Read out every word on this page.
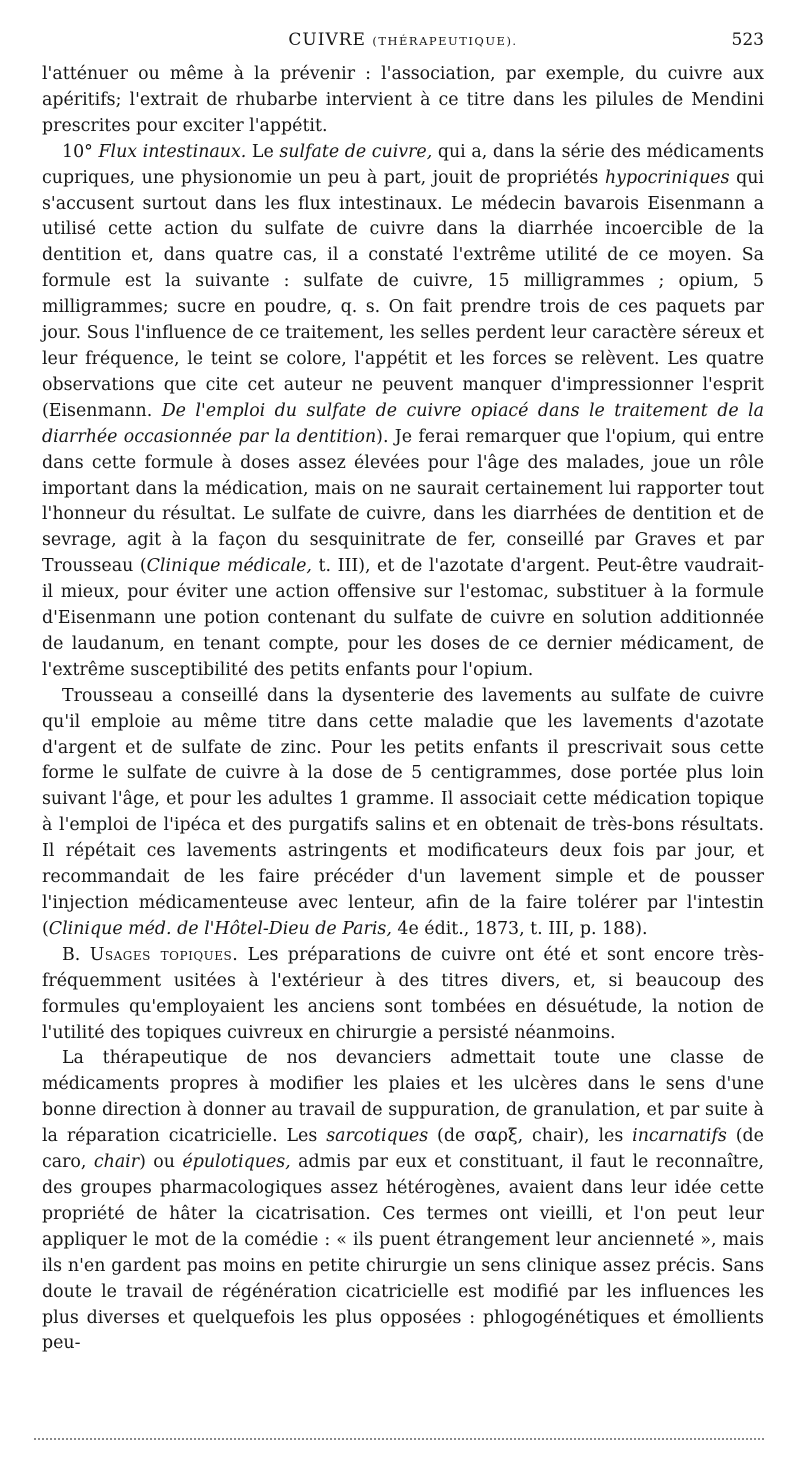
CUIVRE (THÉRAPEUTIQUE).	523

l'atténuer ou même à la prévenir : l'association, par exemple, du cuivre aux apéritifs; l'extrait de rhubarbe intervient à ce titre dans les pilules de Mendini prescrites pour exciter l'appétit.

10° Flux intestinaux. Le sulfate de cuivre, qui a, dans la série des médicaments cupriques, une physionomie un peu à part, jouit de propriétés hypocriniques qui s'accusent surtout dans les flux intestinaux. Le médecin bavarois Eisenmann a utilisé cette action du sulfate de cuivre dans la diarrhée incoercible de la dentition et, dans quatre cas, il a constaté l'extrême utilité de ce moyen. Sa formule est la suivante : sulfate de cuivre, 15 milligrammes ; opium, 5 milligrammes; sucre en poudre, q. s. On fait prendre trois de ces paquets par jour. Sous l'influence de ce traitement, les selles perdent leur caractère séreux et leur fréquence, le teint se colore, l'appétit et les forces se relèvent. Les quatre observations que cite cet auteur ne peuvent manquer d'impressionner l'esprit (Eisenmann. De l'emploi du sulfate de cuivre opiacé dans le traitement de la diarrhée occasionnée par la dentition). Je ferai remarquer que l'opium, qui entre dans cette formule à doses assez élevées pour l'âge des malades, joue un rôle important dans la médication, mais on ne saurait certainement lui rapporter tout l'honneur du résultat. Le sulfate de cuivre, dans les diarrhées de dentition et de sevrage, agit à la façon du sesquinitrate de fer, conseillé par Graves et par Trousseau (Clinique médicale, t. III), et de l'azotate d'argent. Peut-être vaudrait-il mieux, pour éviter une action offensive sur l'estomac, substituer à la formule d'Eisenmann une potion contenant du sulfate de cuivre en solution additionnée de laudanum, en tenant compte, pour les doses de ce dernier médicament, de l'extrême susceptibilité des petits enfants pour l'opium.

Trousseau a conseillé dans la dysenterie des lavements au sulfate de cuivre qu'il emploie au même titre dans cette maladie que les lavements d'azotate d'argent et de sulfate de zinc. Pour les petits enfants il prescrivait sous cette forme le sulfate de cuivre à la dose de 5 centigrammes, dose portée plus loin suivant l'âge, et pour les adultes 1 gramme. Il associait cette médication topique à l'emploi de l'ipéca et des purgatifs salins et en obtenait de très-bons résultats. Il répétait ces lavements astringents et modificateurs deux fois par jour, et recommandait de les faire précéder d'un lavement simple et de pousser l'injection médicamenteuse avec lenteur, afin de la faire tolérer par l'intestin (Clinique méd. de l'Hôtel-Dieu de Paris, 4e édit., 1873, t. III, p. 188).

B. Usages topiques. Les préparations de cuivre ont été et sont encore très-fréquemment usitées à l'extérieur à des titres divers, et, si beaucoup des formules qu'employaient les anciens sont tombées en désuétude, la notion de l'utilité des topiques cuivreux en chirurgie a persisté néanmoins.

La thérapeutique de nos devanciers admettait toute une classe de médicaments propres à modifier les plaies et les ulcères dans le sens d'une bonne direction à donner au travail de suppuration, de granulation, et par suite à la réparation cicatricielle. Les sarcotiques (de σαρξ, chair), les incarnatifs (de caro, chair) ou épulotiques, admis par eux et constituant, il faut le reconnaître, des groupes pharmacologiques assez hétérogènes, avaient dans leur idée cette propriété de hâter la cicatrisation. Ces termes ont vieilli, et l'on peut leur appliquer le mot de la comédie : « ils puent étrangement leur ancienneté », mais ils n'en gardent pas moins en petite chirurgie un sens clinique assez précis. Sans doute le travail de régénération cicatricielle est modifié par les influences les plus diverses et quelquefois les plus opposées : phlogogénétiques et émollients peu-
